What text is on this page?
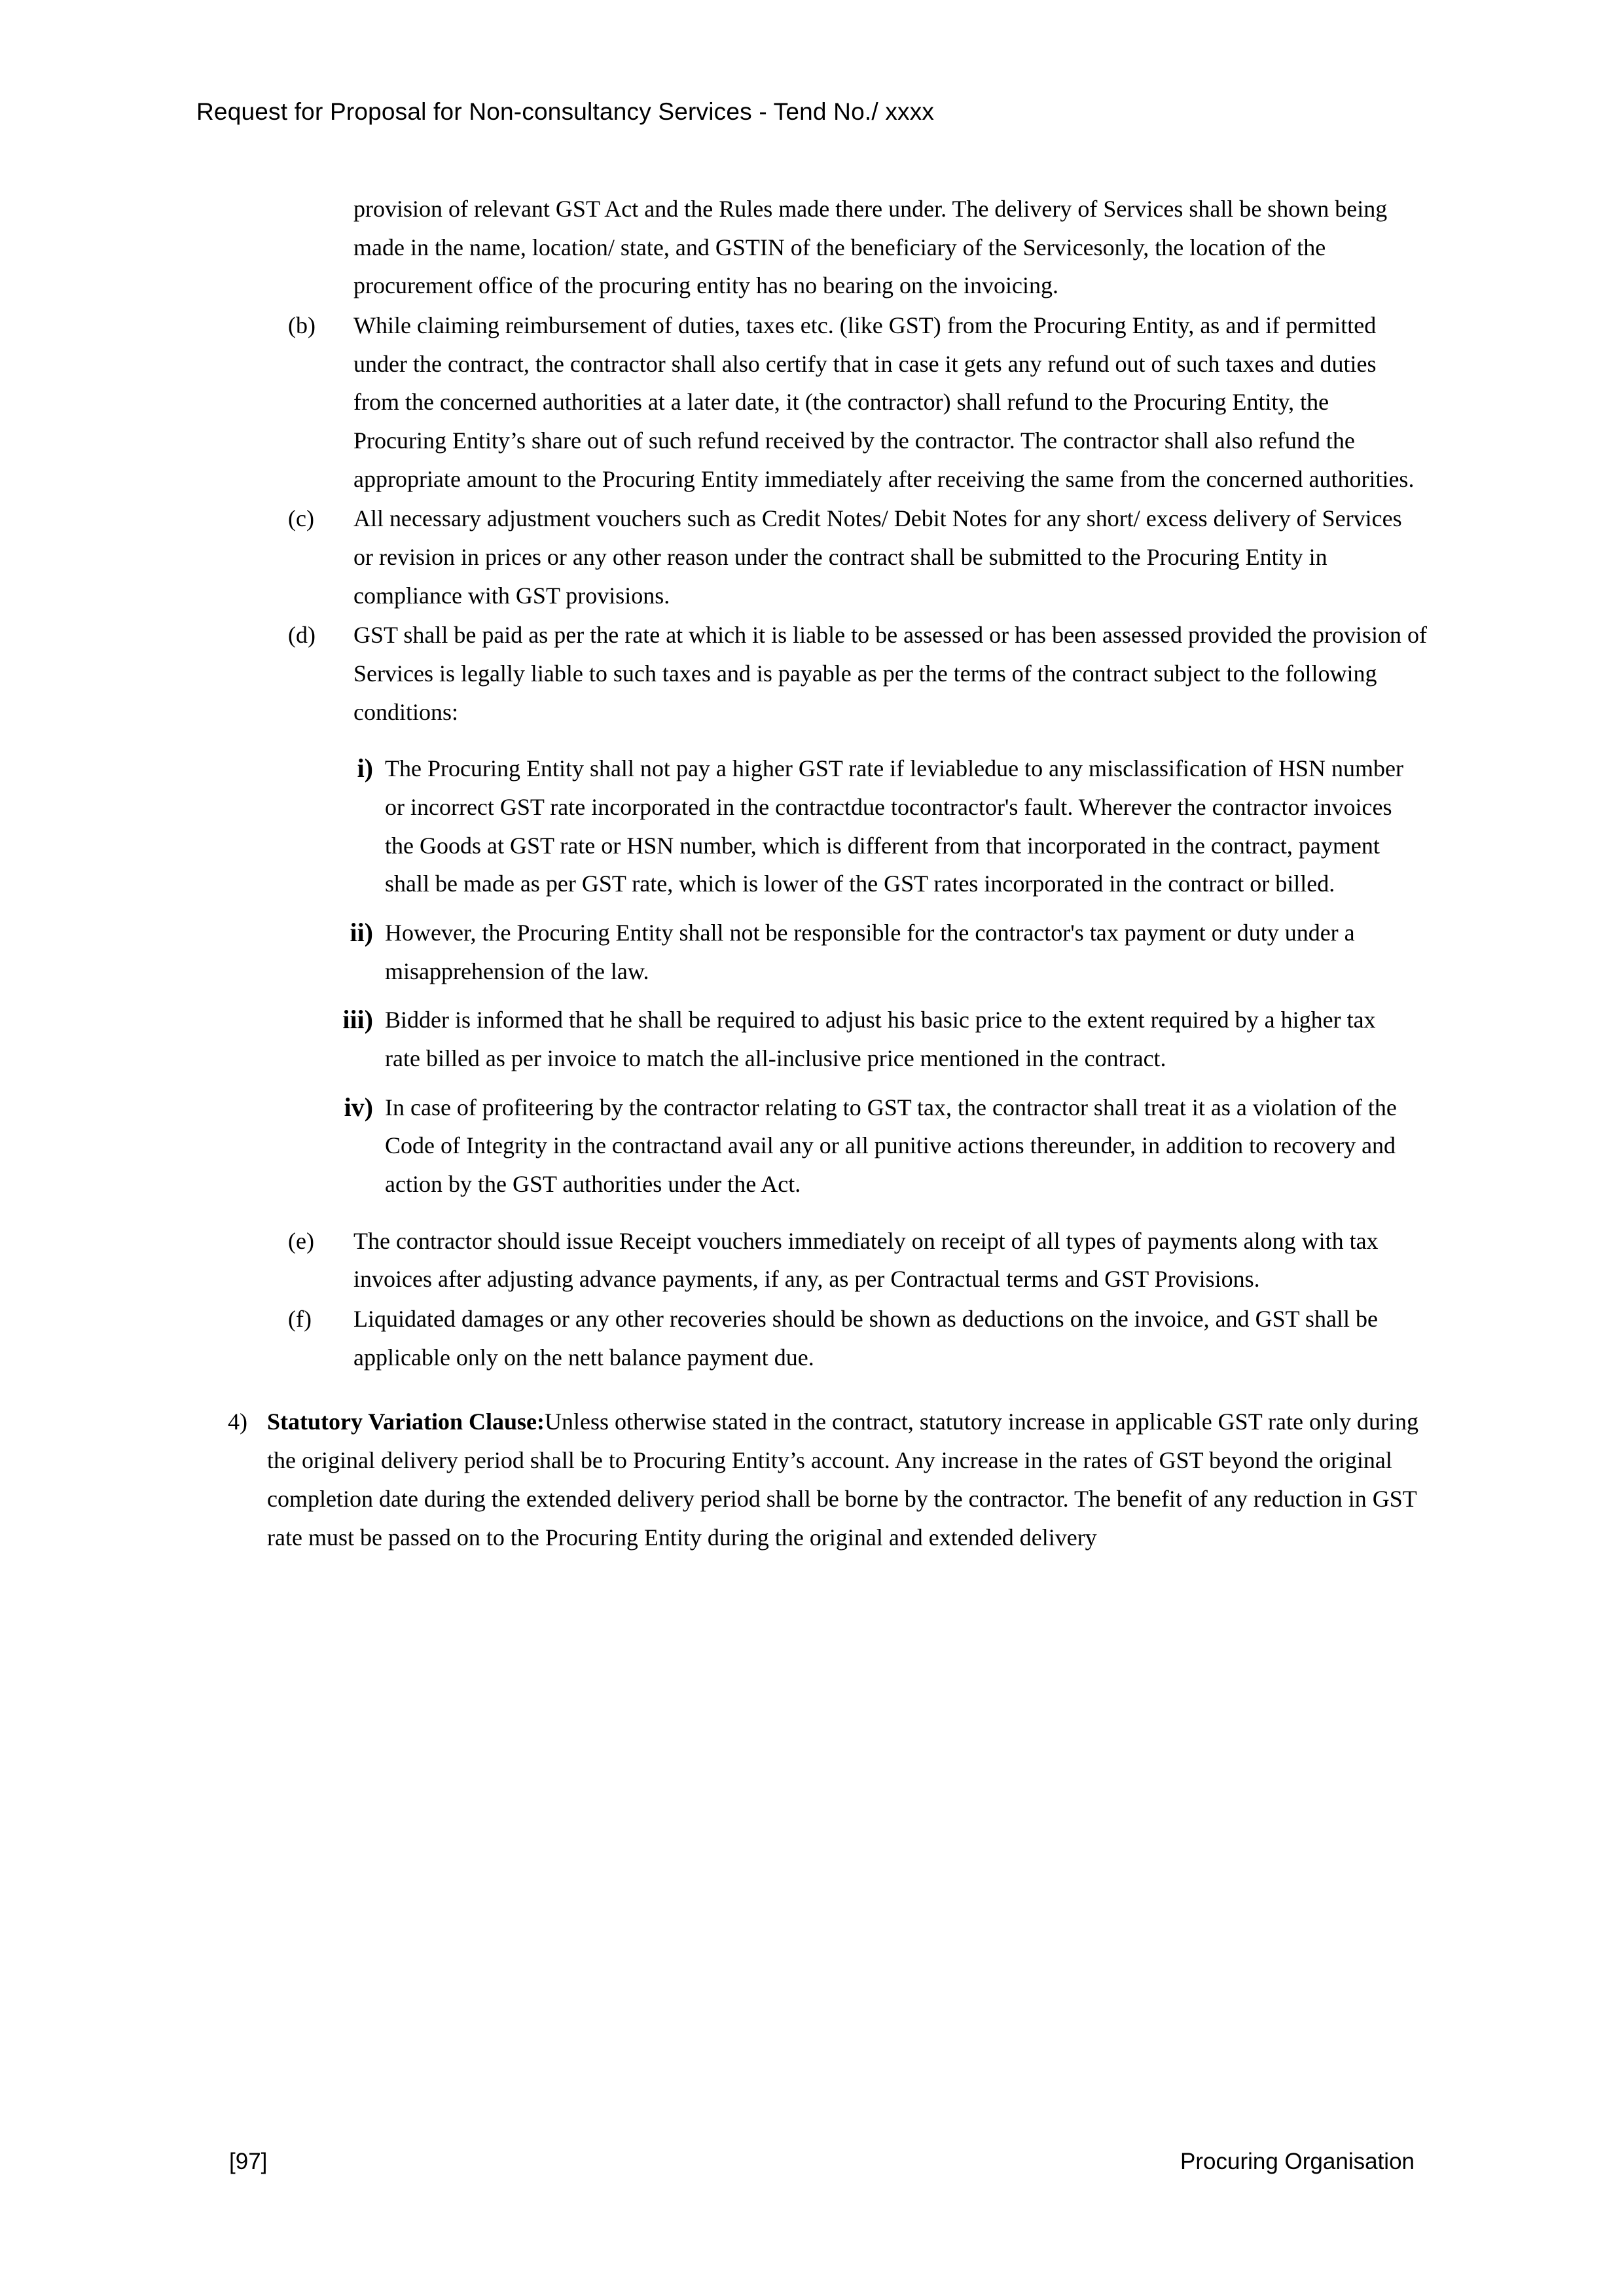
Request for Proposal for Non-consultancy Services - Tend No./ xxxx
provision of relevant GST Act and the Rules made there under. The delivery of Services shall be shown being made in the name, location/ state, and GSTIN of the beneficiary of the Servicesonly, the location of the procurement office of the procuring entity has no bearing on the invoicing.
(b)	While claiming reimbursement of duties, taxes etc. (like GST) from the Procuring Entity, as and if permitted under the contract, the contractor shall also certify that in case it gets any refund out of such taxes and duties from the concerned authorities at a later date, it (the contractor) shall refund to the Procuring Entity, the Procuring Entity’s share out of such refund received by the contractor. The contractor shall also refund the appropriate amount to the Procuring Entity immediately after receiving the same from the concerned authorities.
(c)	All necessary adjustment vouchers such as Credit Notes/ Debit Notes for any short/ excess delivery of Services or revision in prices or any other reason under the contract shall be submitted to the Procuring Entity in compliance with GST provisions.
(d)	GST shall be paid as per the rate at which it is liable to be assessed or has been assessed provided the provision of Services is legally liable to such taxes and is payable as per the terms of the contract subject to the following conditions:
i) The Procuring Entity shall not pay a higher GST rate if leviabledue to any misclassification of HSN number or incorrect GST rate incorporated in the contractdue tocontractor's fault. Wherever the contractor invoices the Goods at GST rate or HSN number, which is different from that incorporated in the contract, payment shall be made as per GST rate, which is lower of the GST rates incorporated in the contract or billed.
ii) However, the Procuring Entity shall not be responsible for the contractor's tax payment or duty under a misapprehension of the law.
iii) Bidder is informed that he shall be required to adjust his basic price to the extent required by a higher tax rate billed as per invoice to match the all-inclusive price mentioned in the contract.
iv) In case of profiteering by the contractor relating to GST tax, the contractor shall treat it as a violation of the Code of Integrity in the contractand avail any or all punitive actions thereunder, in addition to recovery and action by the GST authorities under the Act.
(e)	The contractor should issue Receipt vouchers immediately on receipt of all types of payments along with tax invoices after adjusting advance payments, if any, as per Contractual terms and GST Provisions.
(f)	Liquidated damages or any other recoveries should be shown as deductions on the invoice, and GST shall be applicable only on the nett balance payment due.
4) Statutory Variation Clause:Unless otherwise stated in the contract, statutory increase in applicable GST rate only during the original delivery period shall be to Procuring Entity’s account. Any increase in the rates of GST beyond the original completion date during the extended delivery period shall be borne by the contractor. The benefit of any reduction in GST rate must be passed on to the Procuring Entity during the original and extended delivery
[97]	Procuring Organisation
